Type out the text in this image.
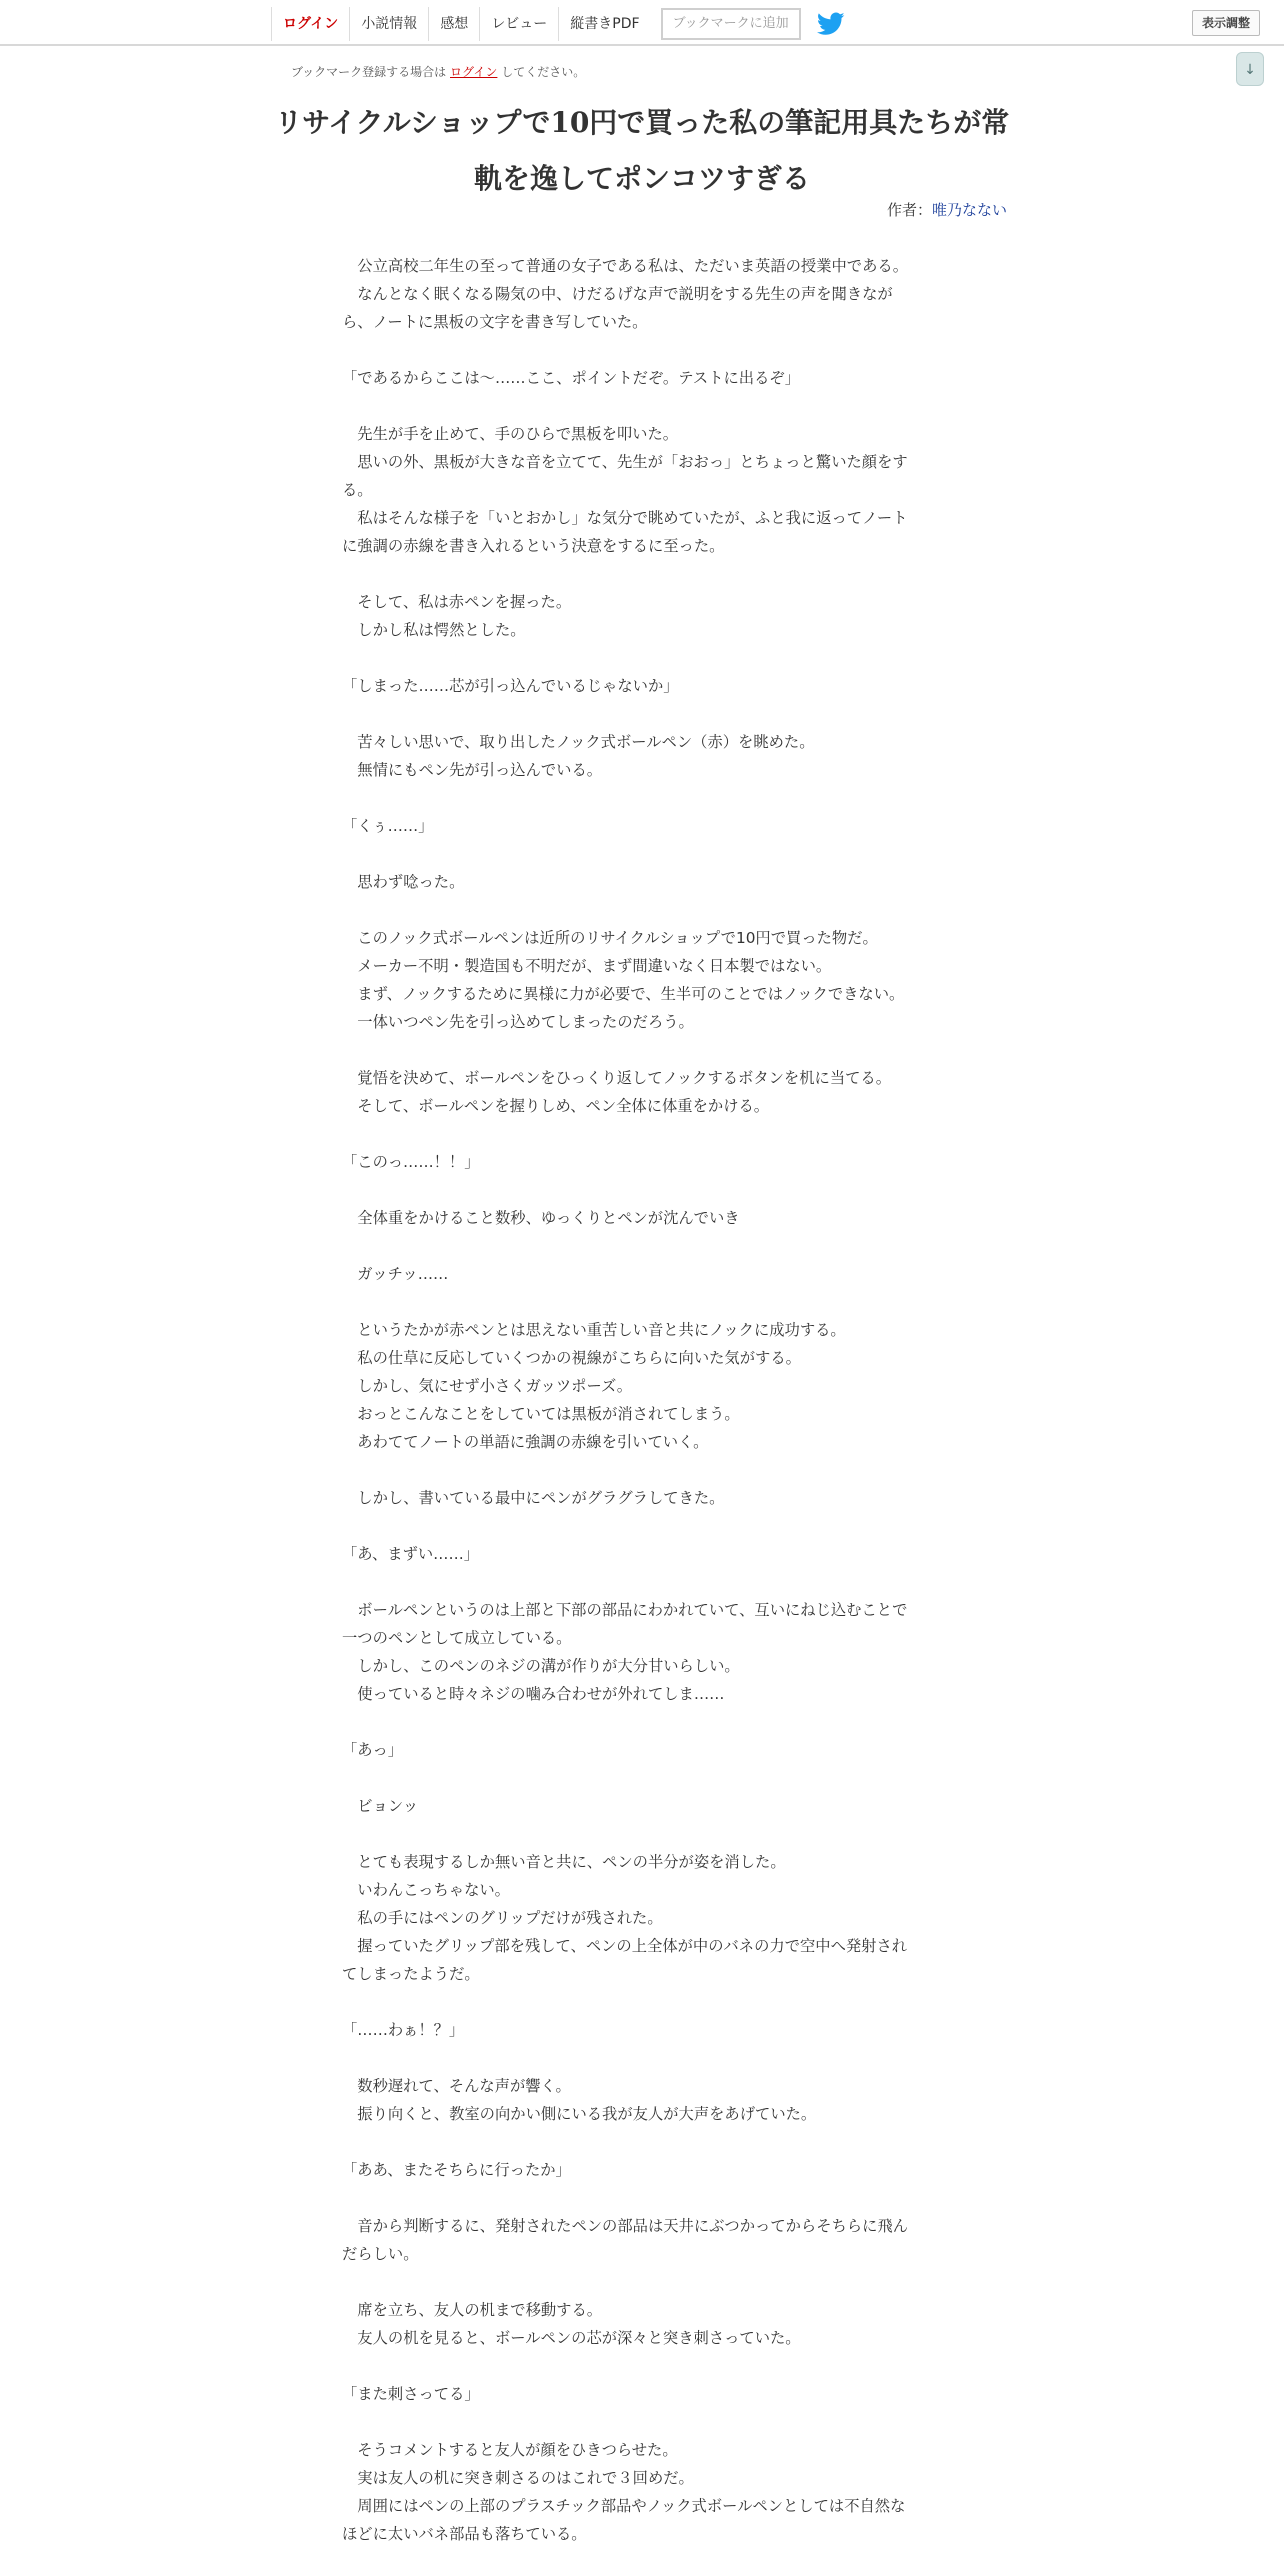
ログイン	小説情報	感想	レビュー	縦書きPDF	ブックマークに追加	表示調整
↓
ブックマーク登録する場合は ログイン してください。
リサイクルショップで10円で買った私の筆記用具たちが常
軌を逸してポンコツすぎる
作者：唯乃なない
　公立高校二年生の至って普通の女子である私は、ただいま英語の授業中である。
　なんとなく眠くなる陽気の中、けだるげな声で説明をする先生の声を聞きなが
ら、ノートに黒板の文字を書き写していた。
「であるからここは～……ここ、ポイントだぞ。テストに出るぞ」
　先生が手を止めて、手のひらで黒板を叩いた。
　思いの外、黒板が大きな音を立てて、先生が「おおっ」とちょっと驚いた顔をす
る。
　私はそんな様子を「いとおかし」な気分で眺めていたが、ふと我に返ってノート
に強調の赤線を書き入れるという決意をするに至った。
　そして、私は赤ペンを握った。
　しかし私は愕然とした。
「しまった……芯が引っ込んでいるじゃないか」
　苦々しい思いで、取り出したノック式ボールペン（赤）を眺めた。
　無情にもペン先が引っ込んでいる。
「くぅ……」
　思わず唸った。
　このノック式ボールペンは近所のリサイクルショップで10円で買った物だ。
　メーカー不明・製造国も不明だが、まず間違いなく日本製ではない。
　まず、ノックするために異様に力が必要で、生半可のことではノックできない。
　一体いつペン先を引っ込めてしまったのだろう。
　覚悟を決めて、ボールペンをひっくり返してノックするボタンを机に当てる。
　そして、ボールペンを握りしめ、ペン全体に体重をかける。
「このっ……！！」
　全体重をかけること数秒、ゆっくりとペンが沈んでいき
　ガッチッ……
　というたかが赤ペンとは思えない重苦しい音と共にノックに成功する。
　私の仕草に反応していくつかの視線がこちらに向いた気がする。
　しかし、気にせず小さくガッツポーズ。
　おっとこんなことをしていては黒板が消されてしまう。
　あわててノートの単語に強調の赤線を引いていく。
　しかし、書いている最中にペンがグラグラしてきた。
「あ、まずい……」
　ボールペンというのは上部と下部の部品にわかれていて、互いにねじ込むことで
一つのペンとして成立している。
　しかし、このペンのネジの溝が作りが大分甘いらしい。
　使っていると時々ネジの噛み合わせが外れてしま……
「あっ」
　ビョンッ
　とても表現するしか無い音と共に、ペンの半分が姿を消した。
　いわんこっちゃない。
　私の手にはペンのグリップだけが残された。
　握っていたグリップ部を残して、ペンの上全体が中のバネの力で空中へ発射され
てしまったようだ。
「……わぁ！？」
　数秒遅れて、そんな声が響く。
　振り向くと、教室の向かい側にいる我が友人が大声をあげていた。
「ああ、またそちらに行ったか」
　音から判断するに、発射されたペンの部品は天井にぶつかってからそちらに飛ん
だらしい。
　席を立ち、友人の机まで移動する。
　友人の机を見ると、ボールペンの芯が深々と突き刺さっていた。
「また刺さってる」
　そうコメントすると友人が顔をひきつらせた。
　実は友人の机に突き刺さるのはこれで３回めだ。
　周囲にはペンの上部のプラスチック部品やノック式ボールペンとしては不自然な
ほどに太いバネ部品も落ちている。
